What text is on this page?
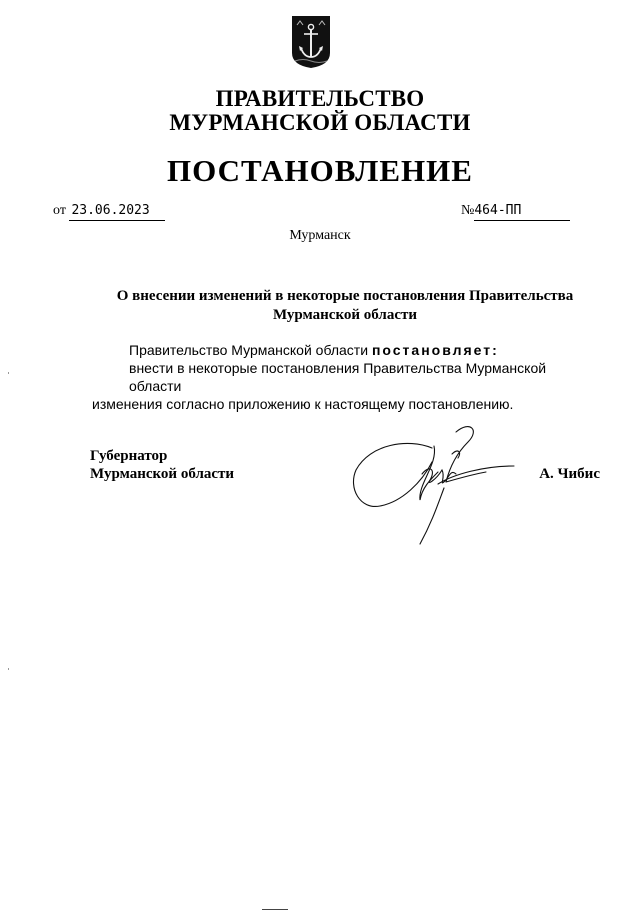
ПРАВИТЕЛЬСТВО
МУРМАНСКОЙ ОБЛАСТИ
ПОСТАНОВЛЕНИЕ
от 23.06.2023	№464-ПП
Мурманск
О внесении изменений в некоторые постановления Правительства
Мурманской области
Правительство Мурманской области постановляет:
внести в некоторые постановления Правительства Мурманской области
изменения согласно приложению к настоящему постановлению.
Губернатор
Мурманской области	А. Чибис
